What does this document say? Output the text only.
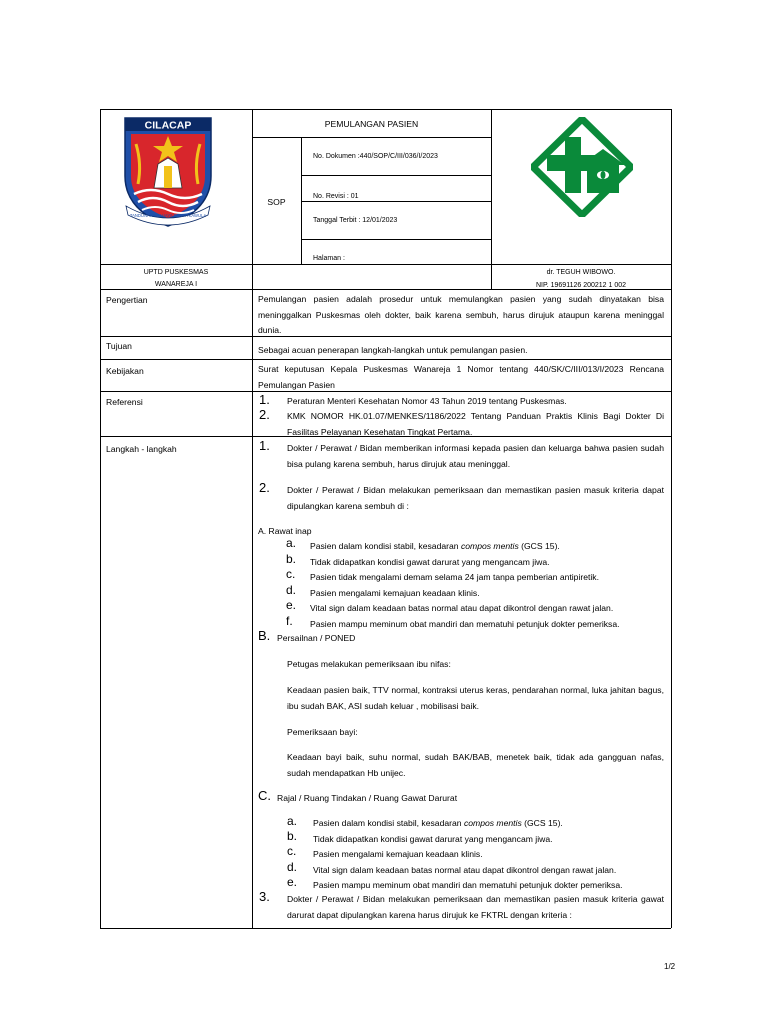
CILACAP
TANDUNAKA SAHAYA PUNYA KAWULA
PEMULANGAN PASIEN
SOP
No. Dokumen :440/SOP/C/III/036/I/2023
No. Revisi : 01
Tanggal Terbit : 12/01/2023
Halaman :
UPTD PUSKESMAS
WANAREJA I
dr. TEGUH WIBOWO.
NIP. 19691126 200212 1 002
Pengertian
Tujuan
Kebijakan
Referensi
Langkah - langkah
Pemulangan pasien adalah prosedur untuk memulangkan pasien yang sudah dinyatakan bisa meninggalkan Puskesmas oleh dokter, baik karena sembuh, harus dirujuk ataupun karena meninggal dunia.
Sebagai acuan penerapan langkah-langkah untuk pemulangan pasien.
Surat keputusan Kepala Puskesmas Wanareja 1 Nomor tentang 440/SK/C/III/013/I/2023 Rencana Pemulangan Pasien
1. Peraturan Menteri Kesehatan Nomor 43 Tahun 2019 tentang Puskesmas.
2. KMK NOMOR HK.01.07/MENKES/1186/2022 Tentang Panduan Praktis Klinis Bagi Dokter Di Fasilitas Pelayanan Kesehatan Tingkat Pertama.
1. Dokter / Perawat / Bidan memberikan informasi kepada pasien dan keluarga bahwa pasien sudah bisa pulang karena sembuh, harus dirujuk atau meninggal.
2. Dokter / Perawat / Bidan melakukan pemeriksaan dan memastikan pasien masuk kriteria dapat dipulangkan karena sembuh di :
A. Rawat inap
a. Pasien dalam kondisi stabil, kesadaran compos mentis (GCS 15).
b. Tidak didapatkan kondisi gawat darurat yang mengancam jiwa.
c. Pasien tidak mengalami demam selama 24 jam tanpa pemberian antipiretik.
d. Pasien mengalami kemajuan keadaan klinis.
e. Vital sign dalam keadaan batas normal atau dapat dikontrol dengan rawat jalan.
f. Pasien mampu meminum obat mandiri dan mematuhi petunjuk dokter pemeriksa.
B. Persailnan / PONED
Petugas melakukan pemeriksaan ibu nifas:
Keadaan pasien baik, TTV normal, kontraksi uterus keras, pendarahan normal, luka jahitan bagus, ibu sudah BAK, ASI sudah keluar , mobilisasi baik.
Pemeriksaan bayi:
Keadaan bayi baik, suhu normal, sudah BAK/BAB, menetek baik, tidak ada gangguan nafas, sudah mendapatkan Hb unijec.
C. Rajal / Ruang Tindakan / Ruang Gawat Darurat
a. Pasien dalam kondisi stabil, kesadaran compos mentis (GCS 15).
b. Tidak didapatkan kondisi gawat darurat yang mengancam jiwa.
c. Pasien mengalami kemajuan keadaan klinis.
d. Vital sign dalam keadaan batas normal atau dapat dikontrol dengan rawat jalan.
e. Pasien mampu meminum obat mandiri dan mematuhi petunjuk dokter pemeriksa.
3. Dokter / Perawat / Bidan melakukan pemeriksaan dan memastikan pasien masuk kriteria gawat darurat dapat dipulangkan karena harus dirujuk ke FKTRL dengan kriteria :
1/2
